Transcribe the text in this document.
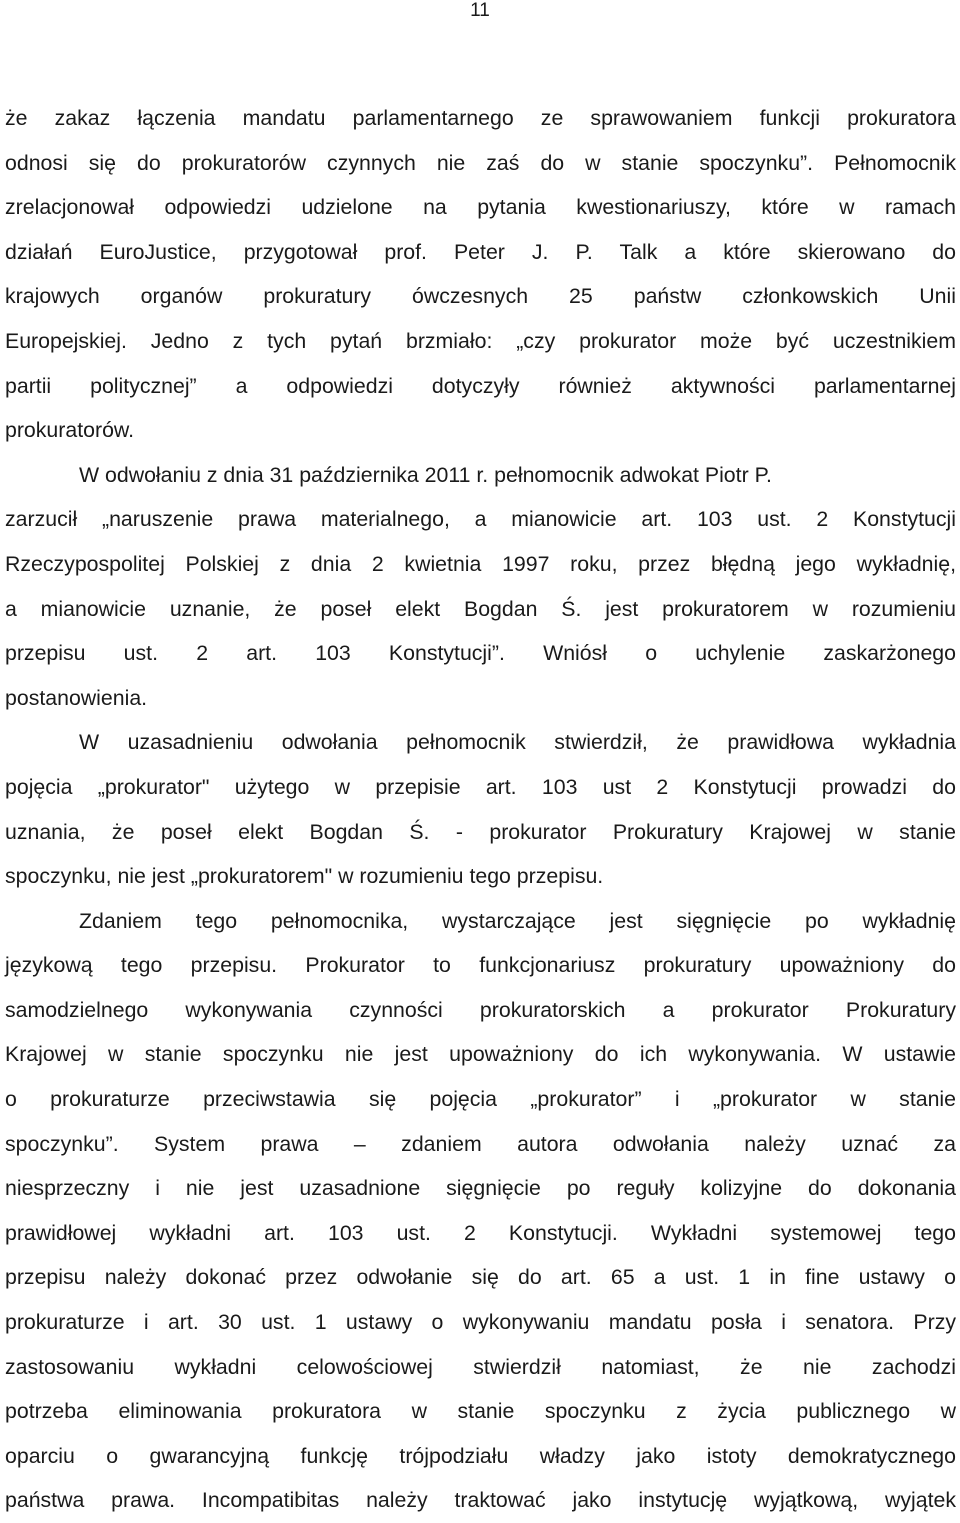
11
że zakaz łączenia mandatu parlamentarnego ze sprawowaniem funkcji prokuratora
odnosi się do prokuratorów czynnych nie zaś do w stanie spoczynku”. Pełnomocnik
zrelacjonował odpowiedzi udzielone na pytania kwestionariuszy, które w ramach
działań EuroJustice, przygotował prof. Peter J. P. Talk a które skierowano do
krajowych organów prokuratury ówczesnych 25 państw członkowskich Unii
Europejskiej. Jedno z tych pytań brzmiało: „czy prokurator może być uczestnikiem
partii politycznej” a odpowiedzi dotyczyły również aktywności parlamentarnej
prokuratorów.
W odwołaniu z dnia 31 października 2011 r. pełnomocnik adwokat Piotr P.
zarzucił „naruszenie prawa materialnego, a mianowicie art. 103 ust. 2 Konstytucji
Rzeczypospolitej Polskiej z dnia 2 kwietnia 1997 roku, przez błędną jego wykładnię,
a mianowicie uznanie, że poseł elekt Bogdan Ś. jest prokuratorem w rozumieniu
przepisu ust. 2 art. 103 Konstytucji”. Wniósł o uchylenie zaskarżonego
postanowienia.
W uzasadnieniu odwołania pełnomocnik stwierdził, że prawidłowa wykładnia
pojęcia „prokurator" użytego w przepisie art. 103 ust 2 Konstytucji prowadzi do
uznania, że poseł elekt Bogdan Ś. - prokurator Prokuratury Krajowej w stanie
spoczynku, nie jest „prokuratorem" w rozumieniu tego przepisu.
Zdaniem tego pełnomocnika, wystarczające jest sięgnięcie po wykładnię
językową tego przepisu. Prokurator to funkcjonariusz prokuratury upoważniony do
samodzielnego wykonywania czynności prokuratorskich a prokurator Prokuratury
Krajowej w stanie spoczynku nie jest upoważniony do ich wykonywania. W ustawie
o prokuraturze przeciwstawia się pojęcia „prokurator” i „prokurator w stanie
spoczynku”. System prawa – zdaniem autora odwołania należy uznać za
niesprzeczny i nie jest uzasadnione sięgnięcie po reguły kolizyjne do dokonania
prawidłowej wykładni art. 103 ust. 2 Konstytucji. Wykładni systemowej tego
przepisu należy dokonać przez odwołanie się do art. 65 a ust. 1 in fine ustawy o
prokuraturze i art. 30 ust. 1 ustawy o wykonywaniu mandatu posła i senatora. Przy
zastosowaniu wykładni celowościowej stwierdził natomiast, że nie zachodzi
potrzeba eliminowania prokuratora w stanie spoczynku z życia publicznego w
oparciu o gwarancyjną funkcję trójpodziału władzy jako istoty demokratycznego
państwa prawa. Incompatibitas należy traktować jako instytucję wyjątkową, wyjątek
